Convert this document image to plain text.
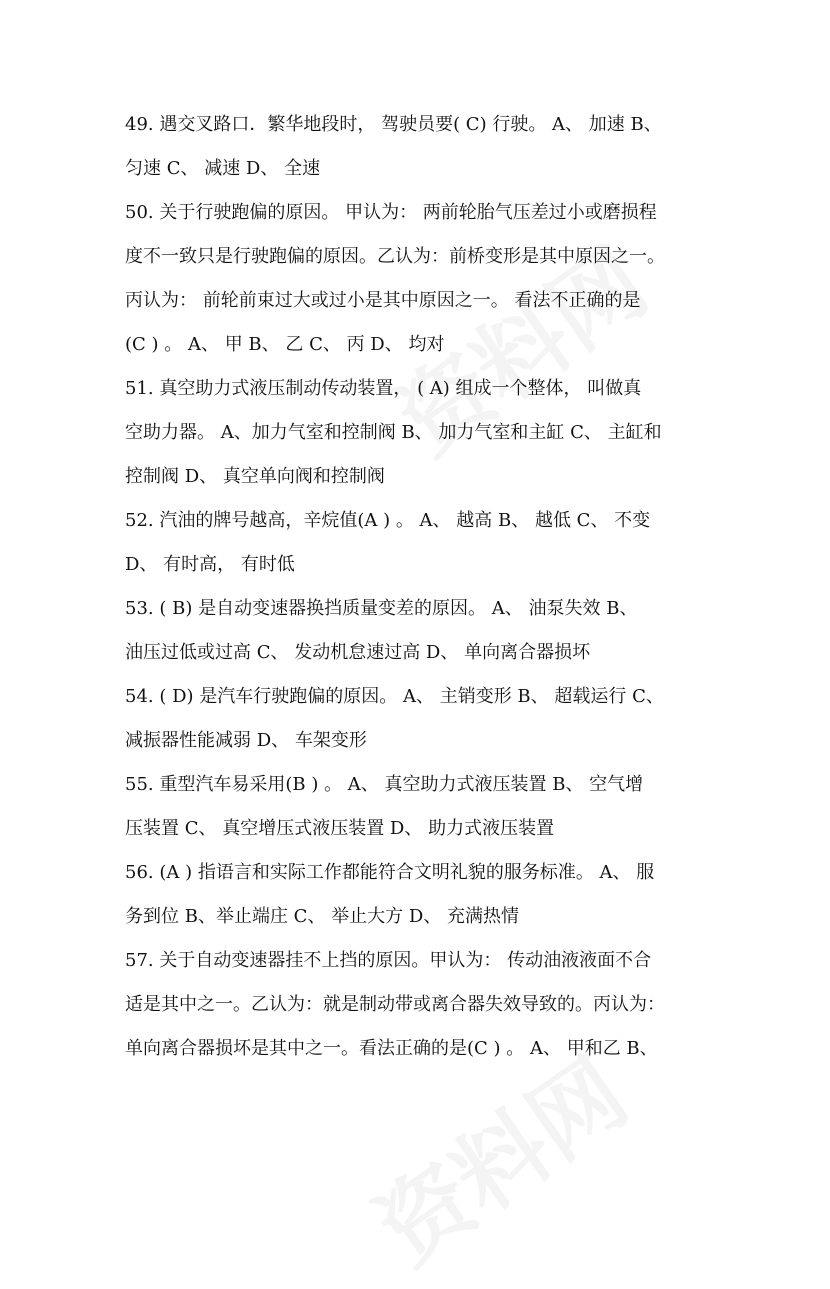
49. 遇交叉路口．繁华地段时， 驾驶员要( C) 行驶。 A、 加速 B、
匀速 C、 减速 D、 全速
50. 关于行驶跑偏的原因。 甲认为： 两前轮胎气压差过小或磨损程
度不一致只是行驶跑偏的原因。乙认为：前桥变形是其中原因之一。
丙认为： 前轮前束过大或过小是其中原因之一。 看法不正确的是
(C ) 。 A、 甲 B、 乙 C、 丙 D、 均对
51. 真空助力式液压制动传动装置， ( A) 组成一个整体， 叫做真
空助力器。 A、加力气室和控制阀 B、 加力气室和主缸 C、 主缸和
控制阀 D、 真空单向阀和控制阀
52. 汽油的牌号越高，辛烷值(A ) 。 A、 越高 B、 越低 C、 不变
D、 有时高， 有时低
53. ( B) 是自动变速器换挡质量变差的原因。 A、 油泵失效 B、
油压过低或过高 C、 发动机怠速过高 D、 单向离合器损坏
54. ( D) 是汽车行驶跑偏的原因。 A、 主销变形 B、 超载运行 C、
减振器性能减弱 D、 车架变形
55. 重型汽车易采用(B ) 。 A、 真空助力式液压装置 B、 空气增
压装置 C、 真空增压式液压装置 D、 助力式液压装置
56. (A ) 指语言和实际工作都能符合文明礼貌的服务标准。 A、 服
务到位 B、举止端庄 C、 举止大方 D、 充满热情
57. 关于自动变速器挂不上挡的原因。甲认为： 传动油液液面不合
适是其中之一。乙认为：就是制动带或离合器失效导致的。丙认为：
单向离合器损坏是其中之一。看法正确的是(C ) 。 A、 甲和乙 B、
